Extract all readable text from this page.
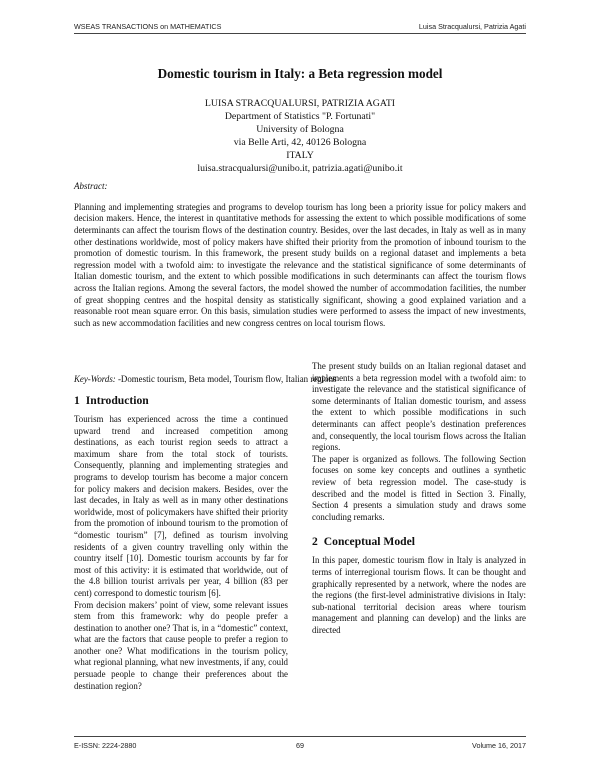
WSEAS TRANSACTIONS on MATHEMATICS	Luisa Stracqualursi, Patrizia Agati
Domestic tourism in Italy: a Beta regression model
LUISA STRACQUALURSI, PATRIZIA AGATI
Department of Statistics "P. Fortunati"
University of Bologna
via Belle Arti, 42, 40126 Bologna
ITALY
luisa.stracqualursi@unibo.it, patrizia.agati@unibo.it
Abstract:

Planning and implementing strategies and programs to develop tourism has long been a priority issue for policy makers and decision makers. Hence, the interest in quantitative methods for assessing the extent to which possible modifications of some determinants can affect the tourism flows of the destination country. Besides, over the last decades, in Italy as well as in many other destinations worldwide, most of policy makers have shifted their priority from the promotion of inbound tourism to the promotion of domestic tourism. In this framework, the present study builds on a regional dataset and implements a beta regression model with a twofold aim: to investigate the relevance and the statistical significance of some determinants of Italian domestic tourism, and the extent to which possible modifications in such determinants can affect the tourism flows across the Italian regions. Among the several factors, the model showed the number of accommodation facilities, the number of great shopping centres and the hospital density as statistically significant, showing a good explained variation and a reasonable root mean square error. On this basis, simulation studies were performed to assess the impact of new investments, such as new accommodation facilities and new congress centres on local tourism flows.

Key-Words: -Domestic tourism, Beta model, Tourism flow, Italian regions
1 Introduction

Tourism has experienced across the time a continued upward trend and increased competition among destinations, as each tourist region seeds to attract a maximum share from the total stock of tourists. Consequently, planning and implementing strategies and programs to develop tourism has become a major concern for policy makers and decision makers. Besides, over the last decades, in Italy as well as in many other destinations worldwide, most of policymakers have shifted their priority from the promotion of inbound tourism to the promotion of “domestic tourism” [7], defined as tourism involving residents of a given country travelling only within the country itself [10]. Domestic tourism accounts by far for most of this activity: it is estimated that worldwide, out of the 4.8 billion tourist arrivals per year, 4 billion (83 per cent) correspond to domestic tourism [6].

From decision makers’ point of view, some relevant issues stem from this framework: why do people prefer a destination to another one? That is, in a “domestic” context, what are the factors that cause people to prefer a region to another one? What modifications in the tourism policy, what regional planning, what new investments, if any, could persuade people to change their preferences about the destination region?

The present study builds on an Italian regional dataset and implements a beta regression model with a twofold aim: to investigate the relevance and the statistical significance of some determinants of Italian domestic tourism, and assess the extent to which possible modifications in such determinants can affect people’s destination preferences and, consequently, the local tourism flows across the Italian regions.

The paper is organized as follows. The following Section focuses on some key concepts and outlines a synthetic review of beta regression model. The case-study is described and the model is fitted in Section 3. Finally, Section 4 presents a simulation study and draws some concluding remarks.

2 Conceptual Model

In this paper, domestic tourism flow in Italy is analyzed in terms of interregional tourism flows. It can be thought and graphically represented by a network, where the nodes are the regions (the first-level administrative divisions in Italy: sub-national territorial decision areas where tourism management and planning can develop) and the links are directed

E-ISSN: 2224-2880	69	Volume 16, 2017
